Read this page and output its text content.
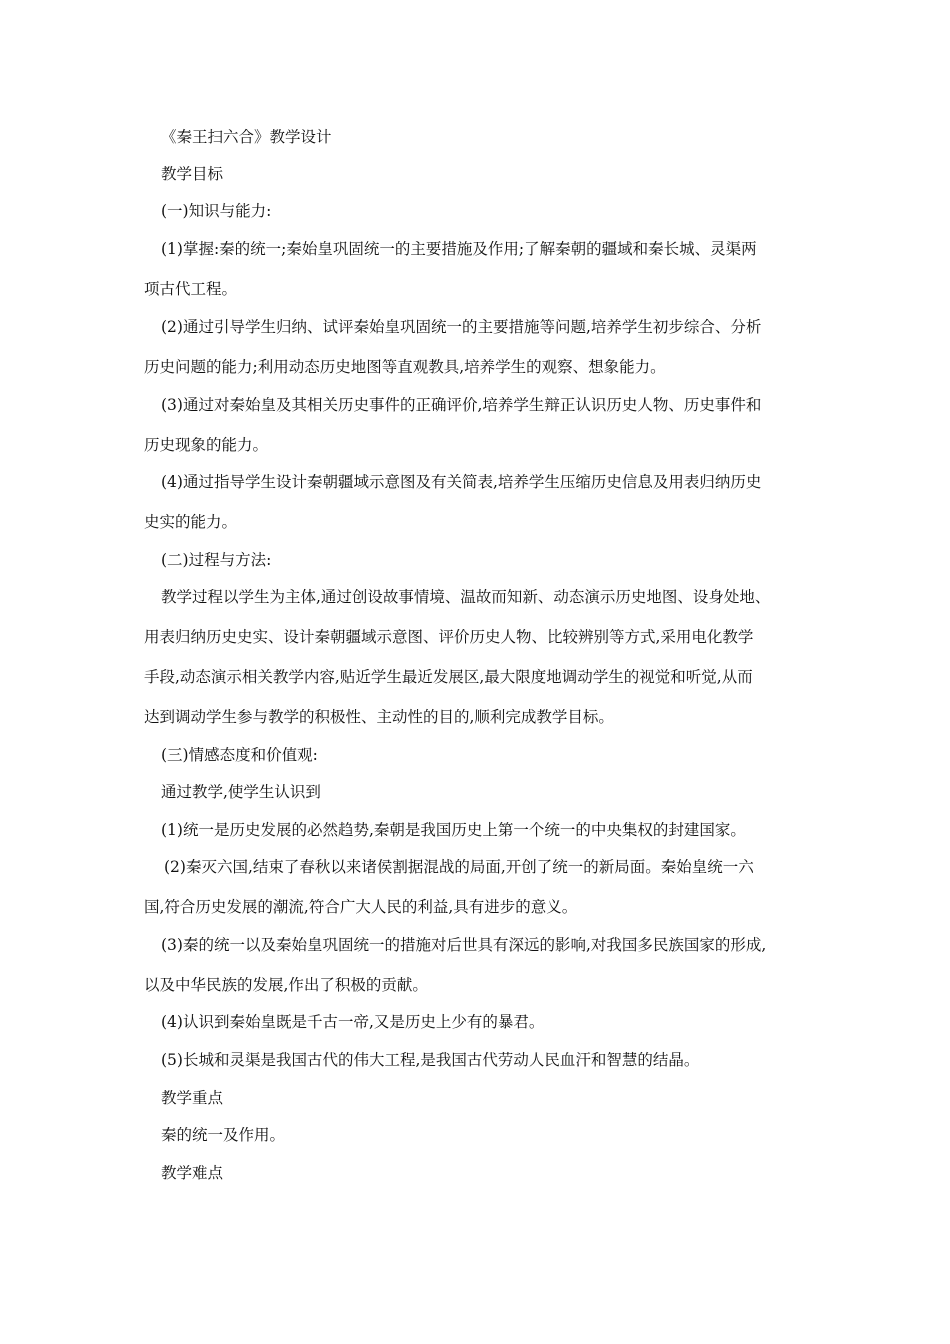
《秦王扫六合》教学设计

教学目标

(一)知识与能力:

(1)掌握:秦的统一;秦始皇巩固统一的主要措施及作用;了解秦朝的疆域和秦长城、灵渠两

项古代工程。

(2)通过引导学生归纳、试评秦始皇巩固统一的主要措施等问题,培养学生初步综合、分析

历史问题的能力;利用动态历史地图等直观教具,培养学生的观察、想象能力。

(3)通过对秦始皇及其相关历史事件的正确评价,培养学生辩正认识历史人物、历史事件和

历史现象的能力。

(4)通过指导学生设计秦朝疆域示意图及有关简表,培养学生压缩历史信息及用表归纳历史

史实的能力。

(二)过程与方法:

教学过程以学生为主体,通过创设故事情境、温故而知新、动态演示历史地图、设身处地、

用表归纳历史史实、设计秦朝疆域示意图、评价历史人物、比较辨别等方式,采用电化教学

手段,动态演示相关教学内容,贴近学生最近发展区,最大限度地调动学生的视觉和听觉,从而

达到调动学生参与教学的积极性、主动性的目的,顺利完成教学目标。

(三)情感态度和价值观:

通过教学,使学生认识到

(1)统一是历史发展的必然趋势,秦朝是我国历史上第一个统一的中央集权的封建国家。

(2)秦灭六国,结束了春秋以来诸侯割据混战的局面,开创了统一的新局面。秦始皇统一六

国,符合历史发展的潮流,符合广大人民的利益,具有进步的意义。

(3)秦的统一以及秦始皇巩固统一的措施对后世具有深远的影响,对我国多民族国家的形成,

以及中华民族的发展,作出了积极的贡献。

(4)认识到秦始皇既是千古一帝,又是历史上少有的暴君。

(5)长城和灵渠是我国古代的伟大工程,是我国古代劳动人民血汗和智慧的结晶。

教学重点

秦的统一及作用。

教学难点
